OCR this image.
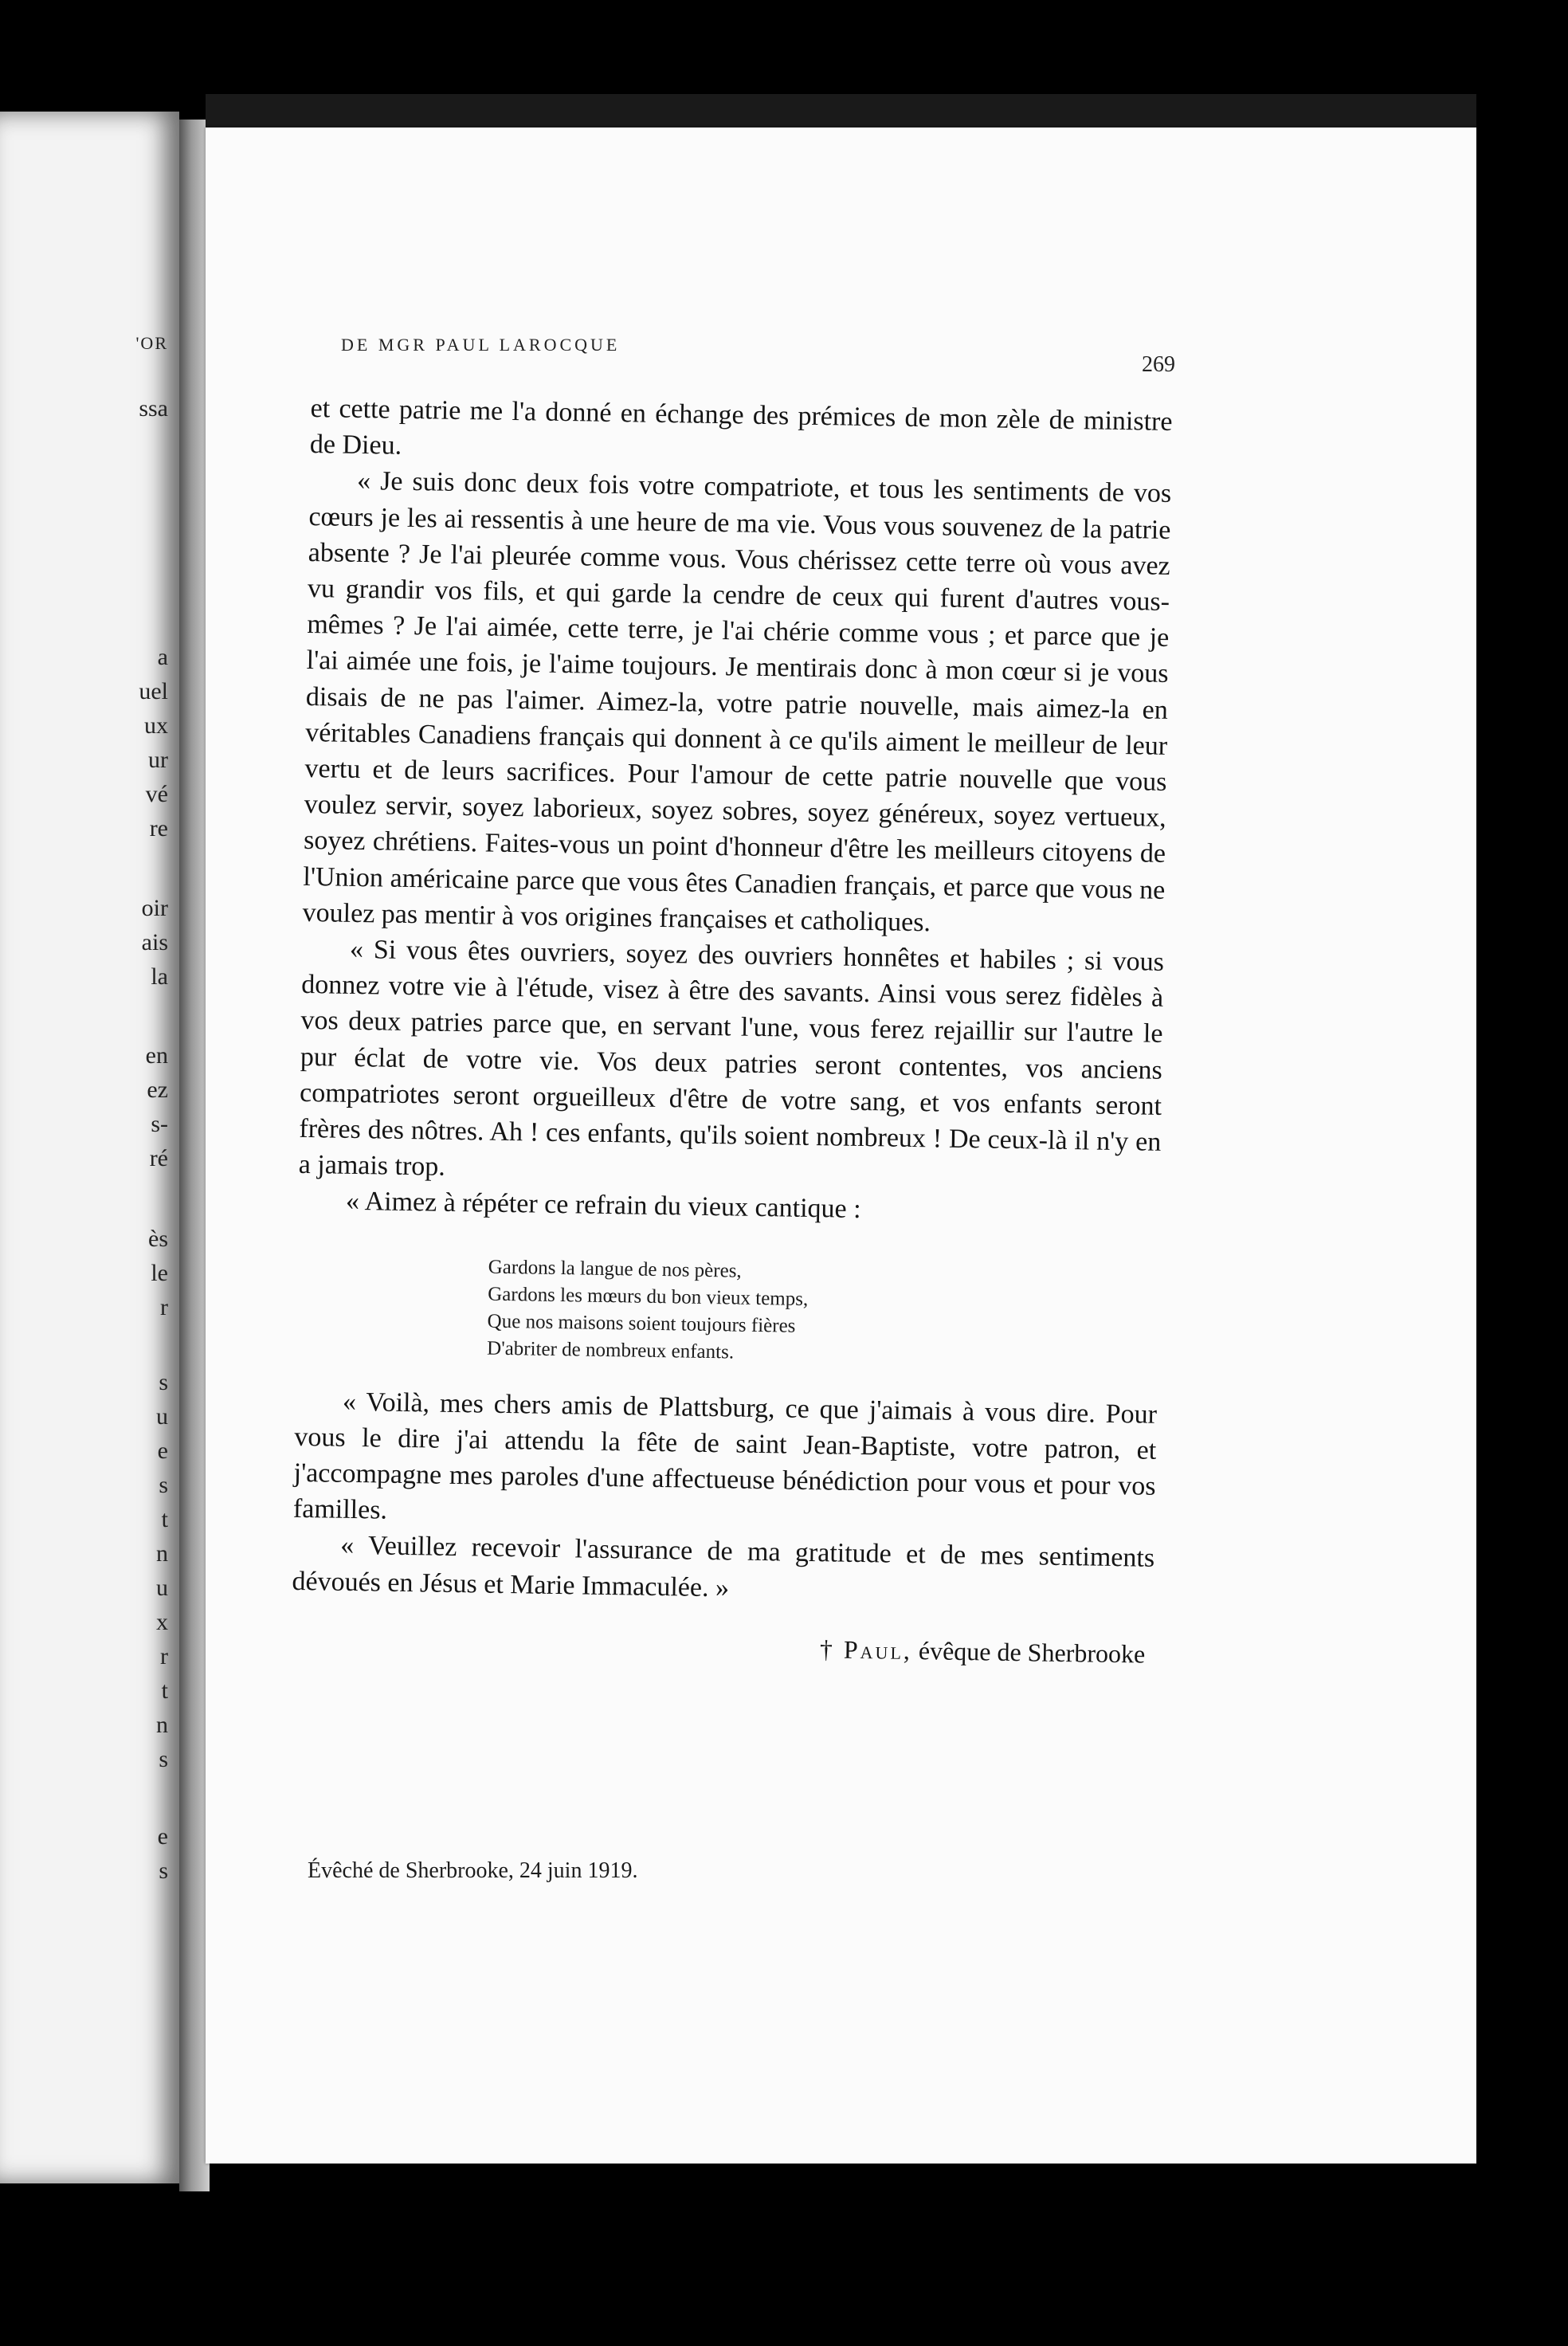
'OR
ssa
a
uel
ux
ur
vé
re
oir
ais
la
en
ez
s-
ré
ès
le
r
s
u
e
s
t
n
u
x
r
t
n
s
e
s
DE MGR PAUL LAROCQUE
269

et cette patrie me l'a donné en échange des prémices de mon zèle de ministre de Dieu.

« Je suis donc deux fois votre compatriote, et tous les sentiments de vos cœurs je les ai ressentis à une heure de ma vie. Vous vous souvenez de la patrie absente ? Je l'ai pleurée comme vous. Vous chérissez cette terre où vous avez vu grandir vos fils, et qui garde la cendre de ceux qui furent d'autres vous-mêmes ? Je l'ai aimée, cette terre, je l'ai chérie comme vous ; et parce que je l'ai aimée une fois, je l'aime toujours. Je mentirais donc à mon cœur si je vous disais de ne pas l'aimer. Aimez-la, votre patrie nouvelle, mais aimez-la en véritables Canadiens français qui donnent à ce qu'ils aiment le meilleur de leur vertu et de leurs sacrifices. Pour l'amour de cette patrie nouvelle que vous voulez servir, soyez laborieux, soyez sobres, soyez généreux, soyez vertueux, soyez chrétiens. Faites-vous un point d'honneur d'être les meilleurs citoyens de l'Union américaine parce que vous êtes Canadien français, et parce que vous ne voulez pas mentir à vos origines françaises et catholiques.

« Si vous êtes ouvriers, soyez des ouvriers honnêtes et habiles ; si vous donnez votre vie à l'étude, visez à être des savants. Ainsi vous serez fidèles à vos deux patries parce que, en servant l'une, vous ferez rejaillir sur l'autre le pur éclat de votre vie. Vos deux patries seront contentes, vos anciens compatriotes seront orgueilleux d'être de votre sang, et vos enfants seront frères des nôtres. Ah ! ces enfants, qu'ils soient nombreux ! De ceux-là il n'y en a jamais trop.

« Aimez à répéter ce refrain du vieux cantique :

Gardons la langue de nos pères,
Gardons les mœurs du bon vieux temps,
Que nos maisons soient toujours fières
D'abriter de nombreux enfants.

« Voilà, mes chers amis de Plattsburg, ce que j'aimais à vous dire. Pour vous le dire j'ai attendu la fête de saint Jean-Baptiste, votre patron, et j'accompagne mes paroles d'une affectueuse bénédiction pour vous et pour vos familles.

« Veuillez recevoir l'assurance de ma gratitude et de mes sentiments dévoués en Jésus et Marie Immaculée. »

† Paul, évêque de Sherbrooke
Évêché de Sherbrooke, 24 juin 1919.
